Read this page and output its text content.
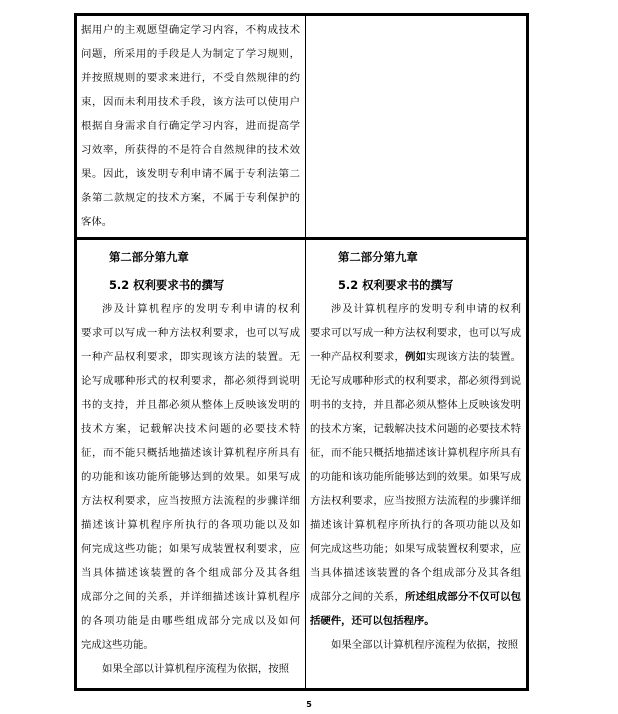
据用户的主观愿望确定学习内容，不构成技术
问题，所采用的手段是人为制定了学习规则，
并按照规则的要求来进行，不受自然规律的约
束，因而未利用技术手段，该方法可以使用户
根据自身需求自行确定学习内容，进而提高学
习效率，所获得的不是符合自然规律的技术效
果。因此，该发明专利申请不属于专利法第二
条第二款规定的技术方案，不属于专利保护的
客体。
第二部分第九章
5.2 权利要求书的撰写
涉及计算机程序的发明专利申请的权利
要求可以写成一种方法权利要求，也可以写成
一种产品权利要求，即实现该方法的装置。无
论写成哪种形式的权利要求，都必须得到说明
书的支持，并且都必须从整体上反映该发明的
技术方案，记载解决技术问题的必要技术特
征，而不能只概括地描述该计算机程序所具有
的功能和该功能所能够达到的效果。如果写成
方法权利要求，应当按照方法流程的步骤详细
描述该计算机程序所执行的各项功能以及如
何完成这些功能；如果写成装置权利要求，应
当具体描述该装置的各个组成部分及其各组
成部分之间的关系，并详细描述该计算机程序
的各项功能是由哪些组成部分完成以及如何
完成这些功能。
如果全部以计算机程序流程为依据，按照
第二部分第九章
5.2 权利要求书的撰写
涉及计算机程序的发明专利申请的权利
要求可以写成一种方法权利要求，也可以写成
一种产品权利要求，例如实现该方法的装置。
无论写成哪种形式的权利要求，都必须得到说
明书的支持，并且都必须从整体上反映该发明
的技术方案，记载解决技术问题的必要技术特
征，而不能只概括地描述该计算机程序所具有
的功能和该功能所能够达到的效果。如果写成
方法权利要求，应当按照方法流程的步骤详细
描述该计算机程序所执行的各项功能以及如
何完成这些功能；如果写成装置权利要求，应
当具体描述该装置的各个组成部分及其各组
成部分之间的关系，所述组成部分不仅可以包
括硬件，还可以包括程序。
如果全部以计算机程序流程为依据，按照
5
